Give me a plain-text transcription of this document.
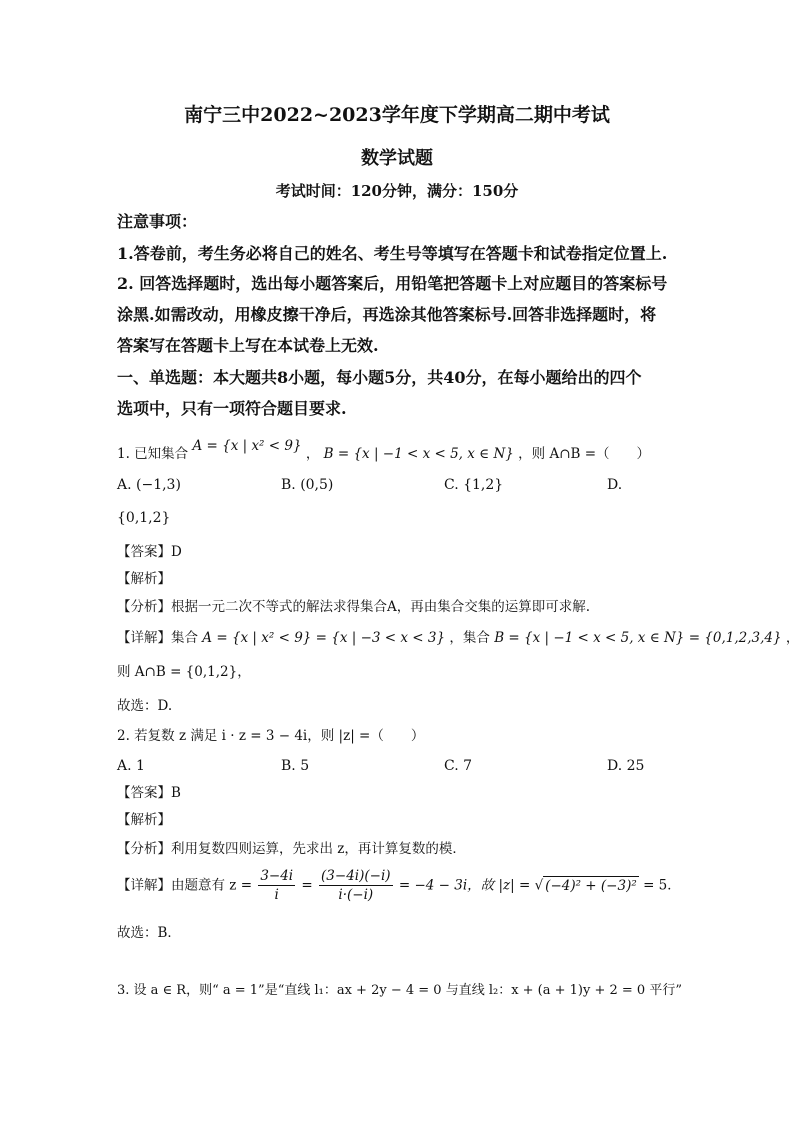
南宁三中2022~2023学年度下学期高二期中考试
数学试题
考试时间：120分钟，满分：150分
注意事项：
1.答卷前，考生务必将自己的姓名、考生号等填写在答题卡和试卷指定位置上.
2. 回答选择题时，选出每小题答案后，用铅笔把答题卡上对应题目的答案标号
涂黑.如需改动，用橡皮擦干净后，再选涂其他答案标号.回答非选择题时，将
答案写在答题卡上写在本试卷上无效.
一、单选题：本大题共8小题，每小题5分，共40分，在每小题给出的四个
选项中，只有一项符合题目要求.
1. 已知集合 A = {x | x² < 9} ， B = {x | −1 < x < 5, x ∈ N} ，则 A∩B =（　　）
A. (−1,3)	B. (0,5)	C. {1,2}	D.
{0,1,2}
【答案】D
【解析】
【分析】根据一元二次不等式的解法求得集合A，再由集合交集的运算即可求解.
【详解】集合 A = {x | x² < 9} = {x | −3 < x < 3} ，集合 B = {x | −1 < x < 5, x ∈ N} = {0,1,2,3,4} ，
则 A∩B = {0,1,2}，
故选：D.
2. 若复数 z 满足 i · z = 3 − 4i，则 |z| =（　　）
A. 1	B. 5	C. 7	D. 25
【答案】B
【解析】
【分析】利用复数四则运算，先求出 z，再计算复数的模．
【详解】由题意有 $z = \frac{3-4i}{i} = \frac{(3-4i)(-i)}{i\cdot(-i)} = -4 - 3i$，故 |z| = √ (−4)² + (−3)² = 5．
故选：B．
3. 设 a ∈ R，则“ a = 1”是“直线 l₁：ax + 2y − 4 = 0 与直线 l₂：x + (a + 1)y + 2 = 0 平行”
